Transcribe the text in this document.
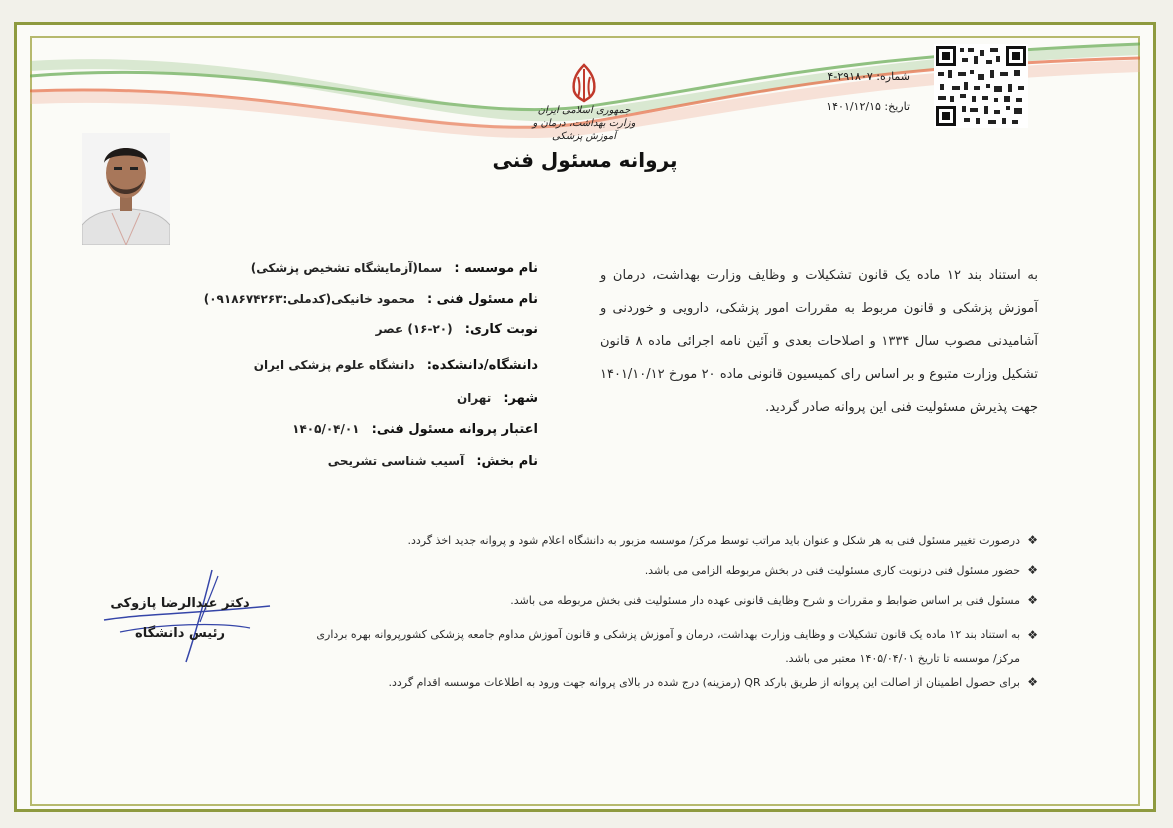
جمهوری اسلامی ایران
وزارت بهداشت، درمان و آموزش پزشکی
پروانه مسئول فنی
شماره: ۲۹۱۸۰۷-۴
تاریخ: ۱۴۰۱/۱۲/۱۵
به استناد بند ۱۲ ماده یک قانون تشکیلات و وظایف وزارت بهداشت، درمان و آموزش پزشکی و قانون مربوط به مقررات امور پزشکی، دارویی و خوردنی و آشامیدنی مصوب سال ۱۳۳۴ و اصلاحات بعدی و آئین نامه اجرائی ماده ۸ قانون تشکیل وزارت متبوع و بر اساس رای کمیسیون قانونی ماده ۲۰ مورخ ۱۴۰۱/۱۰/۱۲ جهت پذیرش مسئولیت فنی این پروانه صادر گردید.
نام موسسه : سما(آزمایشگاه تشخیص پزشکی)
نام مسئول فنی : محمود خانیکی(کدملی:۰۹۱۸۶۷۴۲۶۳)
نوبت کاری: (۲۰-۱۶) عصر
دانشگاه/دانشکده: دانشگاه علوم پزشکی ایران
شهر: تهران
اعتبار پروانه مسئول فنی: ۱۴۰۵/۰۴/۰۱
نام بخش: آسیب شناسی تشریحی
❖
درصورت تغییر مسئول فنی به هر شکل و عنوان باید مراتب توسط مرکز/ موسسه مزبور به دانشگاه اعلام شود و پروانه جدید اخذ گردد.
❖
حضور مسئول فنی درنوبت کاری مسئولیت فنی در بخش مربوطه الزامی می باشد.
❖
مسئول فنی بر اساس ضوابط و مقررات و شرح وظایف قانونی عهده دار مسئولیت فنی بخش مربوطه می باشد.
❖
به استناد بند ۱۲ ماده یک قانون تشکیلات و وظایف وزارت بهداشت، درمان و آموزش پزشکی و قانون آموزش مداوم جامعه پزشکی کشورپروانه بهره برداری مرکز/ موسسه تا تاریخ ۱۴۰۵/۰۴/۰۱ معتبر می باشد.
❖
برای حصول اطمینان از اصالت این پروانه از طریق بارکد QR (رمزینه) درج شده در بالای پروانه جهت ورود به اطلاعات موسسه اقدام گردد.
دکتر عبدالرضا پازوکی
رئیس دانشگاه
